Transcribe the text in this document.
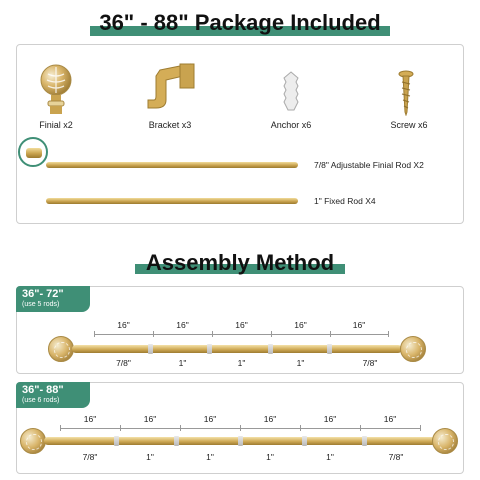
36" - 88" Package Included
Finial x2	Bracket x3	Anchor x6	Screw x6
7/8" Adjustable Finial Rod X2
1" Fixed Rod X4
Assembly Method
36"- 72"
(use 5 rods)
16"	16"	16"	16"	16"
7/8"	1"	1"	1"	7/8"
36"- 88"
(use 6 rods)
16"	16"	16"	16"	16"	16"
7/8"	1"	1"	1"	1"	7/8"
